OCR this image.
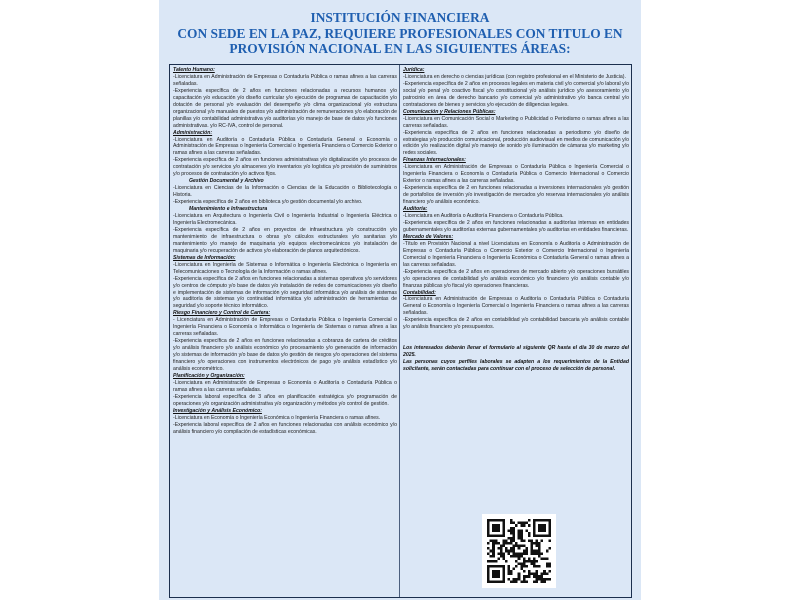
INSTITUCIÓN FINANCIERA
CON SEDE EN LA PAZ, REQUIERE PROFESIONALES CON TITULO EN
PROVISIÓN NACIONAL EN LAS SIGUIENTES ÁREAS:
Talento Humano:
-Licenciatura en Administración de Empresas o Contaduría Pública o ramas afines a las carreras señaladas.
-Experiencia específica de 2 años en funciones relacionadas a recursos humanos y/o capacitación y/o educación y/o diseño curricular y/o ejecución de programas de capacitación y/o dotación de personal y/o evaluación del desempeño y/o clima organizacional y/o estructura organizacional y/o manuales de puestos y/o administración de remuneraciones y/o elaboración de planillas y/o contabilidad administrativa y/o auditorías y/o manejo de base de datos y/o funciones administrativas. y/o RC-IVA, control de personal.
Administración:
-Licenciatura en Auditoría o Contaduría Pública o Contaduría General o Economía o Administración de Empresas o Ingeniería Comercial o Ingeniería Financiera o Comercio Exterior o ramas afines a las carreras señaladas.
-Experiencia específica de 2 años en funciones administrativas y/o digitalización y/o procesos de contratación y/o servicios y/o almacenes y/o inventarios y/o logística y/o provisión de suministros y/o procesos de contratación y/o activos fijos.
Gestión Documental y Archivo
-Licenciatura en Ciencias de la Información o Ciencias de la Educación o Bibliotecología o Historia.
-Experiencia específica de 2 años en biblioteca y/o gestión documental y/o archivo.
Mantenimiento e Infraestructura
-Licenciatura en Arquitectura o Ingeniería Civil o Ingeniería Industrial o Ingeniería Eléctrica o Ingeniería Electromecánica.
-Experiencia específica de 2 años en proyectos de infraestructura y/o construcción y/o mantenimiento de infraestructura o obras y/o cálculos estructurales y/o sanitarias y/o mantenimiento y/o manejo de maquinaria y/o equipos electromecánicos y/o instalación de maquinaria y/o recuperación de activos y/o elaboración de planos arquitectónicos.
Sistemas de Información:
-Licenciatura en Ingeniería de Sistemas o Informática o Ingeniería Electrónica o Ingeniería en Telecomunicaciones o Tecnología de la Información o ramas afines.
-Experiencia específica de 2 años en funciones relacionadas a sistemas operativos y/o servidores y/o centros de cómputo y/o base de datos y/o instalación de redes de comunicaciones y/o diseño e implementación de sistemas de información y/o seguridad informática y/o análisis de sistemas y/o auditoría de sistemas y/o continuidad informática y/o administración de herramientas de seguridad y/o soporte técnico informático.
Riesgo Financiero y Control de Cartera:
- Licenciatura en Administración de Empresas o Contaduría Pública o Ingeniería Comercial o Ingeniería Financiera o Economía o Informática o Ingeniería de Sistemas o ramas afines a las carreras señaladas.
-Experiencia específica de 2 años en funciones relacionadas a cobranza de cartera de créditos y/o análisis financiero y/o análisis económico y/o procesamiento y/o generación de información y/o sistemas de información y/o base de datos y/o gestión de riesgos y/o operaciones del sistema financiero y/o operaciones con instrumentos electrónicos de pago y/o análisis estadístico y/o análisis econométrico.
Planificación y Organización:
-Licenciatura en Administración de Empresas o Economía o Auditoría o Contaduría Pública o ramas afines a las carreras señaladas.
-Experiencia laboral específica de 3 años en planificación estratégica y/o programación de operaciones y/o organización administrativa y/o organización y métodos y/o control de gestión.
Investigación y Análisis Económico:
-Licenciatura en Economía o Ingeniería Económica o Ingeniería Financiera o ramas afines.
-Experiencia laboral específica de 2 años en funciones relacionadas con análisis económico y/o análisis financiero y/o compilación de estadísticas económicas.
Jurídica:
-Licenciatura en derecho o ciencias jurídicas (con registro profesional en el Ministerio de Justicia).
-Experiencia específica de 2 años en procesos legales en materia civil y/o comercial y/o laboral y/o social y/o penal y/o coactivo fiscal y/o constitucional y/o análisis jurídico y/o asesoramiento y/o patrocinio en área de derecho bancario y/o comercial y/o administrativo y/o banca central y/o contrataciones de bienes y servicios y/o ejecución de diligencias legales.
Comunicación y Relaciones Públicas:
-Licenciatura en Comunicación Social o Marketing o Publicidad o Periodismo o ramas afines a las carreras señaladas.
-Experiencia específica de 2 años en funciones relacionadas a periodismo y/o diseño de estrategias y/o producción comunicacional, producción audiovisual en medios de comunicación y/o edición y/o realización digital y/o manejo de sonido y/o iluminación de cámaras y/o marketing y/o redes sociales.
Finanzas Internacionales:
-Licenciatura en Administración de Empresas o Contaduría Pública o Ingeniería Comercial o Ingeniería Financiera o Economía o Contaduría Pública o Comercio Internacional o Comercio Exterior o ramas afines a las carreras señaladas.
-Experiencia específica de 2 en funciones relacionadas a inversiones internacionales y/o gestión de portafolios de inversión y/o investigación de mercados y/o reservas internacionales y/o análisis financiero y/o análisis económico.
Auditoría:
-Licenciatura en Auditoría o Auditoría Financiera o Contaduría Pública.
-Experiencia específica de 2 años en funciones relacionadas a auditorías internas en entidades gubernamentales y/o auditorías externas gubernamentales y/o auditorías en entidades financieras.
Mercado de Valores:
-Título en Provisión Nacional a nivel Licenciatura en Economía o Auditoría o Administración de Empresas o Contaduría Pública o Comercio Exterior o Comercio Internacional o Ingeniería Comercial o Ingeniería Financiera o Ingeniería Económica o Contaduría General o ramas afines a las carreras señaladas.
-Experiencia específica de 2 años en operaciones de mercado abierto y/o operaciones bursátiles y/o operaciones de contabilidad y/o análisis económico y/o financiero y/o análisis contable y/o finanzas públicas y/o fiscal y/o operaciones financieras.
Contabilidad:
-Licenciatura en Administración de Empresas o Auditoría o Contaduría Pública o Contaduría General o Economía o Ingeniería Comercial o Ingeniería Financiera o ramas afines a las carreras señaladas.
-Experiencia específica de 2 años en contabilidad y/o contabilidad bancaria y/o análisis contable y/o análisis financiero y/o presupuestos.
Los interesados deberán llenar el formulario al siguiente QR hasta el día 30 de marzo del 2025.
Las personas cuyos perfiles laborales se adapten a los requerimientos de la Entidad solicitante, serán contactadas para continuar con el proceso de selección de personal.
